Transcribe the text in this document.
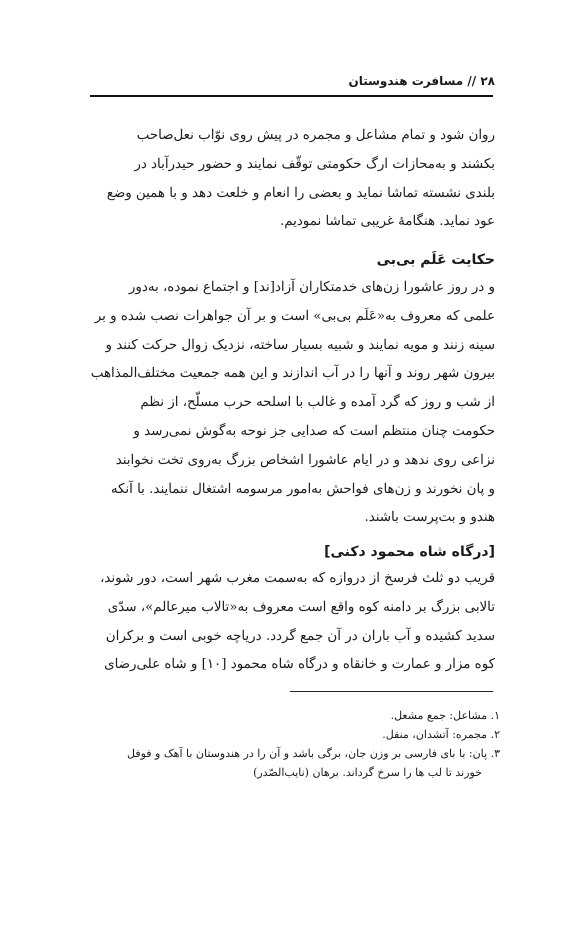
۲۸ // مسافرت هندوستان

روان شود و تمام مشاعل و مجمره در پیش روی نوّاب نعل‌صاحب

بکشند و به‌محازات ارگ حکومتی توقّف نمایند و حضور حیدرآباد در

بلندی نشسته تماشا نماید و بعضی را انعام و خلعت دهد و با همین وضع

عود نماید. هنگامهٔ غریبی تماشا نمودیم.

حکایت عَلَم بی‌بی

و در روز عاشورا زن‌های خدمتکاران آزاد[ند] و اجتماع نموده، به‌دور

علمی که معروف به«عَلَم بی‌بی» است و بر آن جواهرات نصب شده و بر

سینه زنند و مویه نمایند و شبیه بسیار ساخته، نزدیک زوال حرکت کنند و

بیرون شهر روند و آنها را در آب اندازند و این همه جمعیت مختلف‌المذاهب

از شب و روز که گرد آمده و غالب با اسلحه حرب مسلّح، از نظم

حکومت چنان منتظم است که صدایی جز نوحه به‌گوش نمی‌رسد و

نزاعی روی ندهد و در ایام عاشورا اشخاص بزرگ به‌روی تخت نخوابند

و پان نخورند و زن‌های فواحش به‌امور مرسومه اشتغال ننمایند. با آنکه

هندو و بت‌پرست باشند.

[درگاه شاه محمود دکنی]

قریب دو ثلث فرسخ از دروازه که به‌سمت مغرب شهر است، دور شوند،

تالابی بزرگ بر دامنه کوه واقع است معروف به«تالاب میرعالم»، سدّی

سدید کشیده و آب باران در آن جمع گردد. دریاچه خوبی است و برکران

کوه مزار و عمارت و خانقاه و درگاه شاه محمود [۱۰] و شاه علی‌رضای

۱. مشاعل: جمع مشعل.

۲. مجمره: آتشدان، منقل.

۳. پان: با بای فارسی بر وزن جان، برگی باشد و آن را در هندوستان با آهک و فوفل

خورند تا لب ها را سرخ گرداند. برهان (نایب‌الصّدر)
